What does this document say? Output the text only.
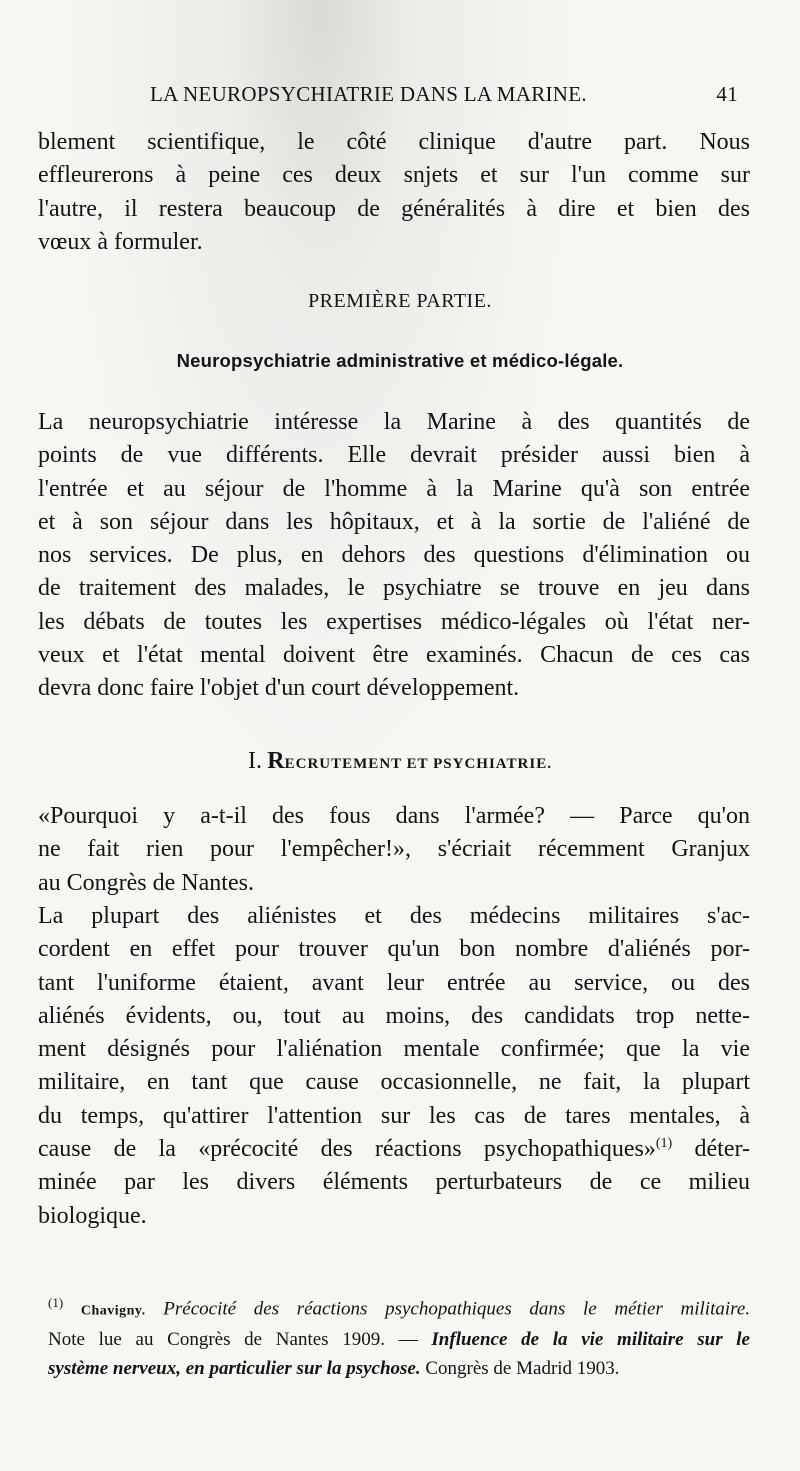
LA NEUROPSYCHIATRIE DANS LA MARINE.	41
blement scientifique, le côté clinique d'autre part. Nous
effleurerons à peine ces deux snjets et sur l'un comme sur
l'autre, il restera beaucoup de généralités à dire et bien des
vœux à formuler.
PREMIÈRE PARTIE.
Neuropsychiatrie administrative et médico-légale.
La neuropsychiatrie intéresse la Marine à des quantités de
points de vue différents. Elle devrait présider aussi bien à
l'entrée et au séjour de l'homme à la Marine qu'à son entrée
et à son séjour dans les hôpitaux, et à la sortie de l'aliéné de
nos services. De plus, en dehors des questions d'élimination ou
de traitement des malades, le psychiatre se trouve en jeu dans
les débats de toutes les expertises médico-légales où l'état ner-
veux et l'état mental doivent être examinés. Chacun de ces cas
devra donc faire l'objet d'un court développement.
I. RECRUTEMENT ET PSYCHIATRIE.
«Pourquoi y a-t-il des fous dans l'armée? — Parce qu'on
ne fait rien pour l'empêcher!», s'écriait récemment Granjux
au Congrès de Nantes.
La plupart des aliénistes et des médecins militaires s'ac-
cordent en effet pour trouver qu'un bon nombre d'aliénés por-
tant l'uniforme étaient, avant leur entrée au service, ou des
aliénés évidents, ou, tout au moins, des candidats trop nette-
ment désignés pour l'aliénation mentale confirmée; que la vie
militaire, en tant que cause occasionnelle, ne fait, la plupart
du temps, qu'attirer l'attention sur les cas de tares mentales, à
cause de la «précocité des réactions psychopathiques»$^{(1)}$ déter-
minée par les divers éléments perturbateurs de ce milieu
biologique.
$^{(1)}$ Chavigny. Précocité des réactions psychopathiques dans le métier militaire.
Note lue au Congrès de Nantes 1909. — Influence de la vie militaire sur le
système nerveux, en particulier sur la psychose. Congrès de Madrid 1903.
